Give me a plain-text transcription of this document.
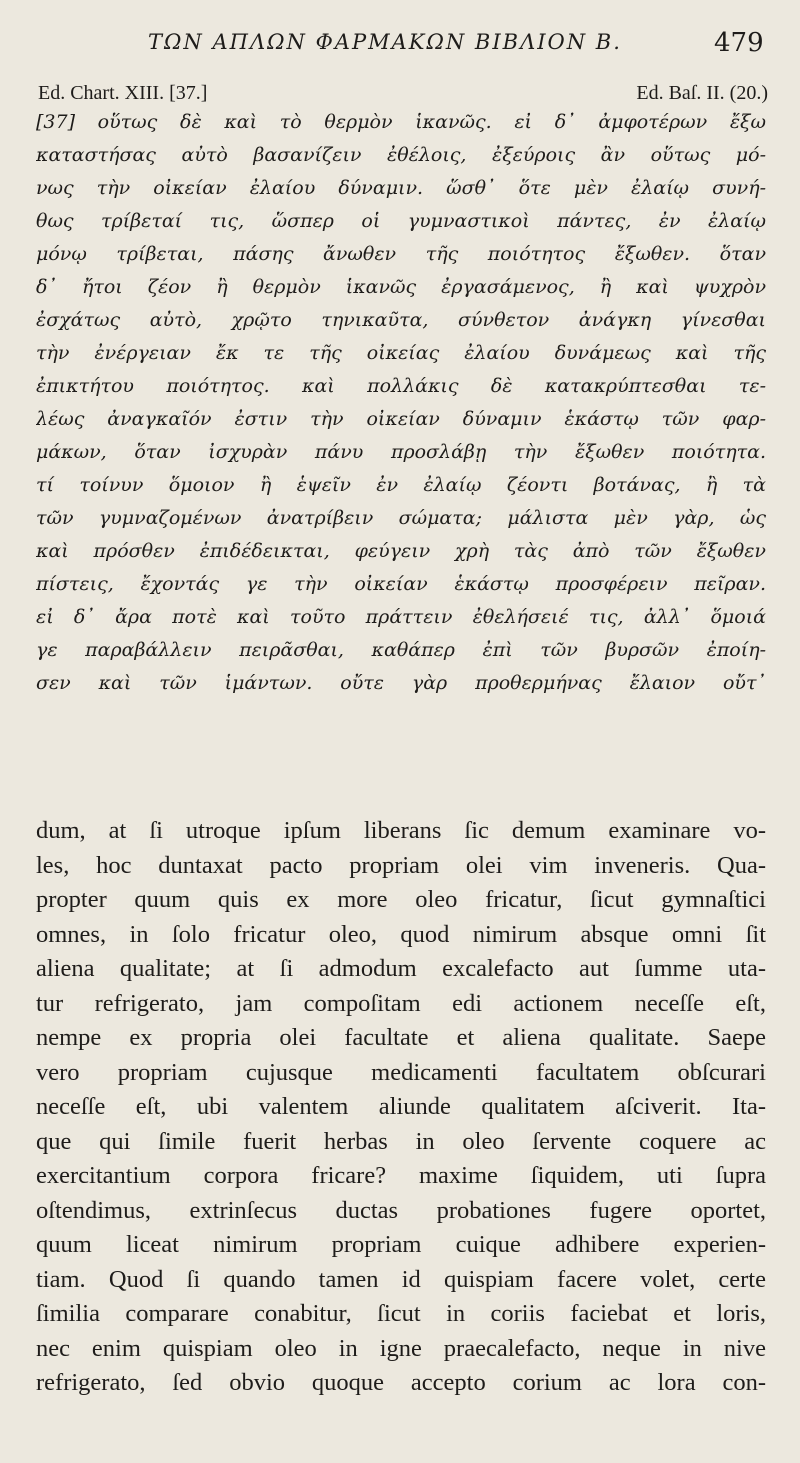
ΤΩΝ ΑΠΛΩΝ ΦΑΡΜΑΚΩΝ ΒΙΒΛΙΟΝ Β.	479
Ed. Chart. XIII. [37.]	Ed. Baſ. II. (20.)
[37] οὕτως δὲ καὶ τὸ θερμὸν ἱκανῶς. εἰ δ᾽ ἀμφοτέρων ἔξω
καταστήσας αὐτὸ βασανίζειν ἐθέλοις, ἐξεύροις ἂν οὕτως μό-
νως τὴν οἰκείαν ἐλαίου δύναμιν. ὥσθ᾽ ὅτε μὲν ἐλαίῳ συνή-
θως τρίβεταί τις, ὥσπερ οἱ γυμναστικοὶ πάντες, ἐν ἐλαίῳ
μόνῳ τρίβεται, πάσης ἄνωθεν τῆς ποιότητος ἔξωθεν. ὅταν
δ᾽ ἤτοι ζέον ἢ θερμὸν ἱκανῶς ἐργασάμενος, ἢ καὶ ψυχρὸν
ἐσχάτως αὐτὸ, χρῷτο τηνικαῦτα, σύνθετον ἀνάγκη γίνεσθαι
τὴν ἐνέργειαν ἔκ τε τῆς οἰκείας ἐλαίου δυνάμεως καὶ τῆς
ἐπικτήτου ποιότητος. καὶ πολλάκις δὲ κατακρύπτεσθαι τε-
λέως ἀναγκαῖόν ἐστιν τὴν οἰκείαν δύναμιν ἑκάστῳ τῶν φαρ-
μάκων, ὅταν ἰσχυρὰν πάνυ προσλάβῃ τὴν ἔξωθεν ποιότητα.
τί τοίνυν ὅμοιον ἢ ἑψεῖν ἐν ἐλαίῳ ζέοντι βοτάνας, ἢ τὰ
τῶν γυμναζομένων ἀνατρίβειν σώματα; μάλιστα μὲν γὰρ, ὡς
καὶ πρόσθεν ἐπιδέδεικται, φεύγειν χρὴ τὰς ἀπὸ τῶν ἔξωθεν
πίστεις, ἔχοντάς γε τὴν οἰκείαν ἑκάστῳ προσφέρειν πεῖραν.
εἰ δ᾽ ἄρα ποτὲ καὶ τοῦτο πράττειν ἐθελήσειέ τις, ἀλλ᾽ ὅμοιά
γε παραβάλλειν πειρᾶσθαι, καθάπερ ἐπὶ τῶν βυρσῶν ἐποίη-
σεν καὶ τῶν ἱμάντων. οὔτε γὰρ προθερμήνας ἔλαιον οὔτ᾽
dum, at ſi utroque ipſum liberans ſic demum examinare vo-
les, hoc duntaxat pacto propriam olei vim inveneris. Qua-
propter quum quis ex more oleo fricatur, ſicut gymnaſtici
omnes, in ſolo fricatur oleo, quod nimirum absque omni ſit
aliena qualitate; at ſi admodum excalefacto aut ſumme uta-
tur refrigerato, jam compoſitam edi actionem neceſſe eſt,
nempe ex propria olei facultate et aliena qualitate. Saepe
vero propriam cujusque medicamenti facultatem obſcurari
neceſſe eſt, ubi valentem aliunde qualitatem aſciverit. Ita-
que qui ſimile fuerit herbas in oleo ſervente coquere ac
exercitantium corpora fricare? maxime ſiquidem, uti ſupra
oſtendimus, extrinſecus ductas probationes fugere oportet,
quum liceat nimirum propriam cuique adhibere experien-
tiam. Quod ſi quando tamen id quispiam facere volet, certe
ſimilia comparare conabitur, ſicut in coriis faciebat et loris,
nec enim quispiam oleo in igne praecalefacto, neque in nive
refrigerato, ſed obvio quoque accepto corium ac lora con-
